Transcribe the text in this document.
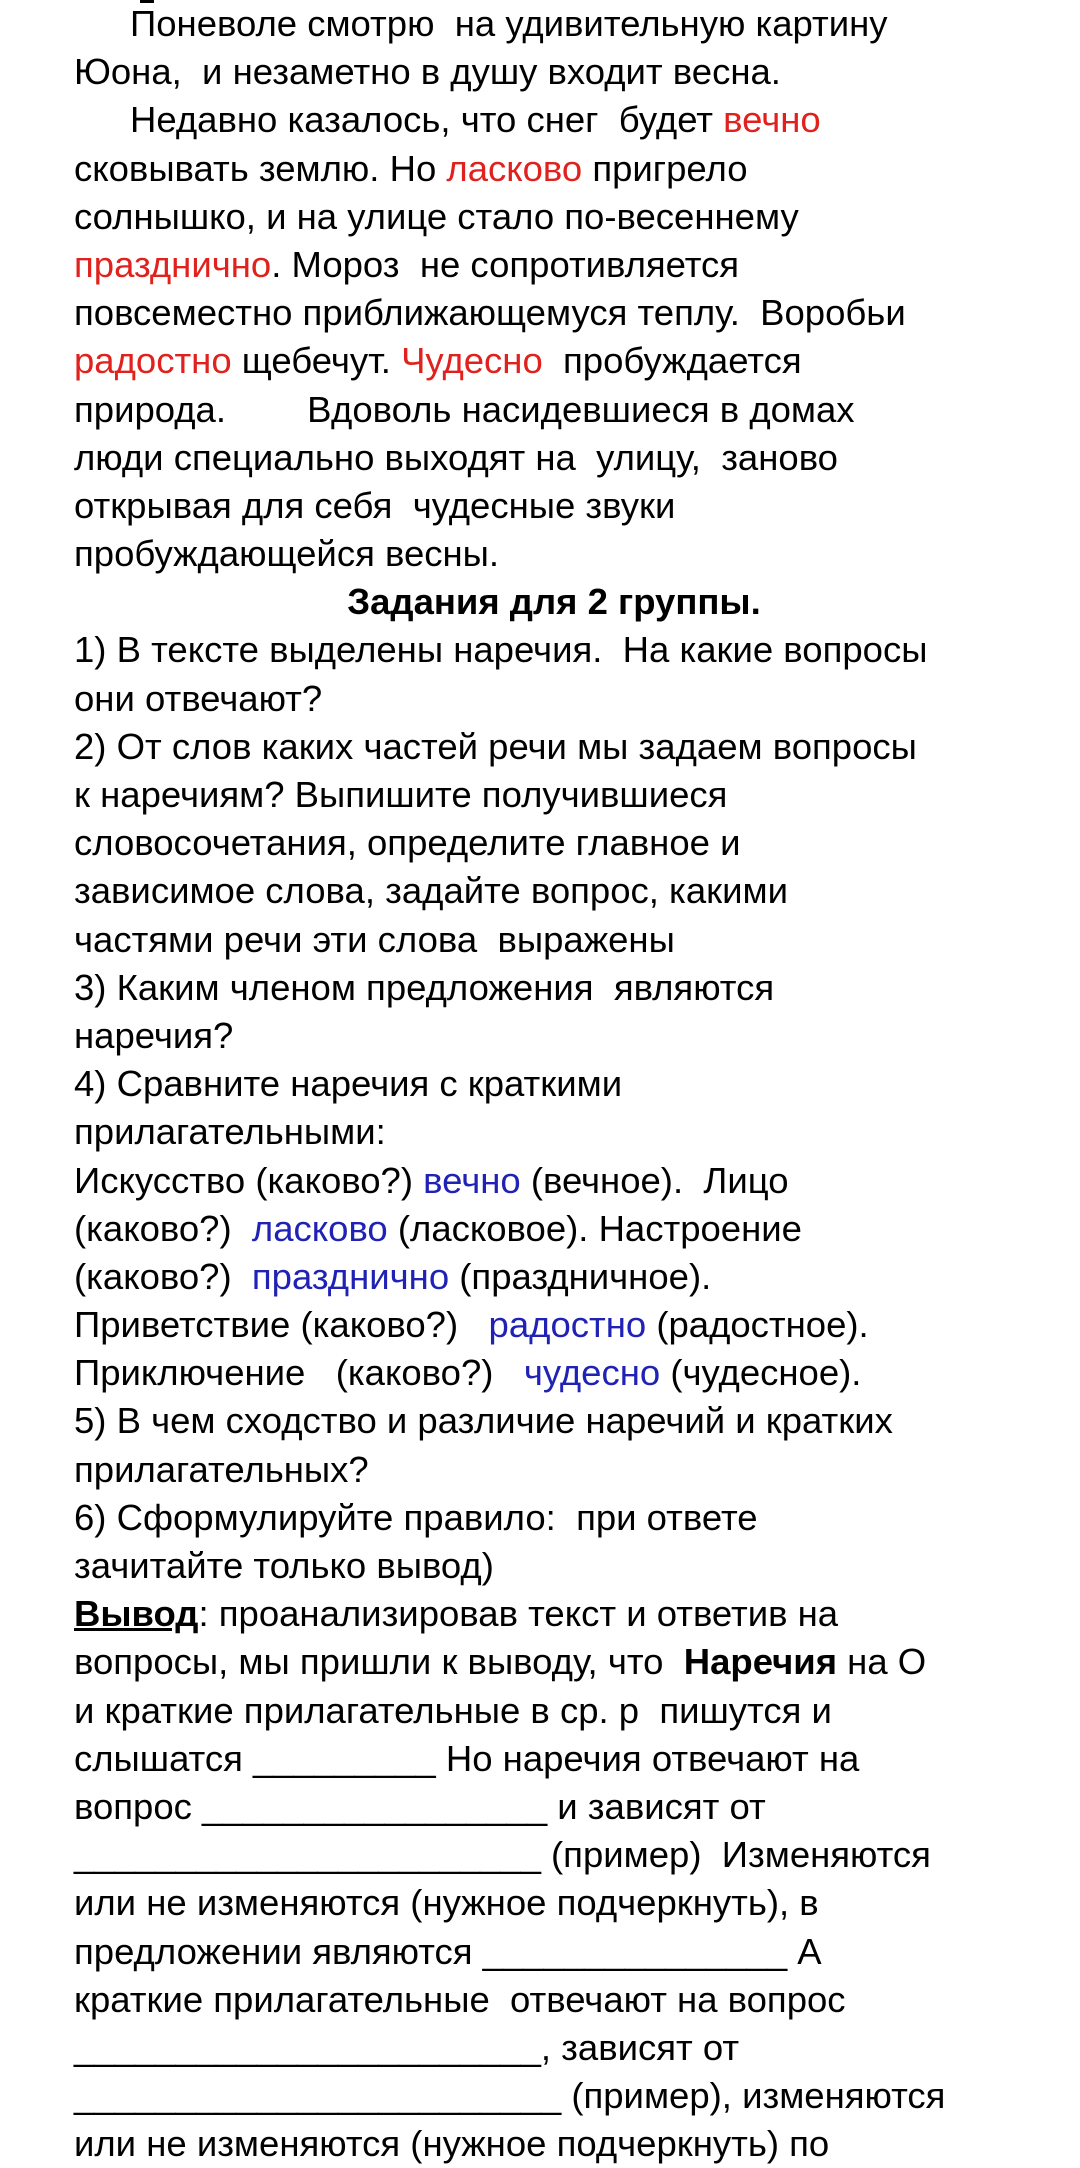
Поневоле смотрю  на удивительную картину
Юона,  и незаметно в душу входит весна.
Недавно казалось, что снег  будет вечно
сковывать землю. Но ласково пригрело
солнышко, и на улице стало по-весеннему
празднично. Мороз  не сопротивляется
повсеместно приближающемуся теплу.  Воробьи
радостно щебечут. Чудесно  пробуждается
природа.        Вдоволь насидевшиеся в домах
люди специально выходят на  улицу,  заново
открывая для себя  чудесные звуки
пробуждающейся весны.
Задания для 2 группы.
1) В тексте выделены наречия.  На какие вопросы
они отвечают?
2) От слов каких частей речи мы задаем вопросы
к наречиям? Выпишите получившиеся
словосочетания, определите главное и
зависимое слова, задайте вопрос, какими
частями речи эти слова  выражены
3) Каким членом предложения  являются
наречия?
4) Сравните наречия с краткими
прилагательными:
Искусство (каково?) вечно (вечное).  Лицо
(каково?)  ласково (ласковое). Настроение
(каково?)  празднично (праздничное).
Приветствие (каково?)   радостно (радостное).
Приключение   (каково?)   чудесно (чудесное).
5) В чем сходство и различие наречий и кратких
прилагательных?
6) Сформулируйте правило:  при ответе
зачитайте только вывод)
Вывод: проанализировав текст и ответив на
вопросы, мы пришли к выводу, что  Наречия на О
и краткие прилагательные в ср. р  пишутся и
слышатся _________ Но наречия отвечают на
вопрос _________________ и зависят от
_______________________ (пример)  Изменяются
или не изменяются (нужное подчеркнуть), в
предложении являются _______________ А
краткие прилагательные  отвечают на вопрос
_______________________, зависят от
________________________ (пример), изменяются
или не изменяются (нужное подчеркнуть) по
